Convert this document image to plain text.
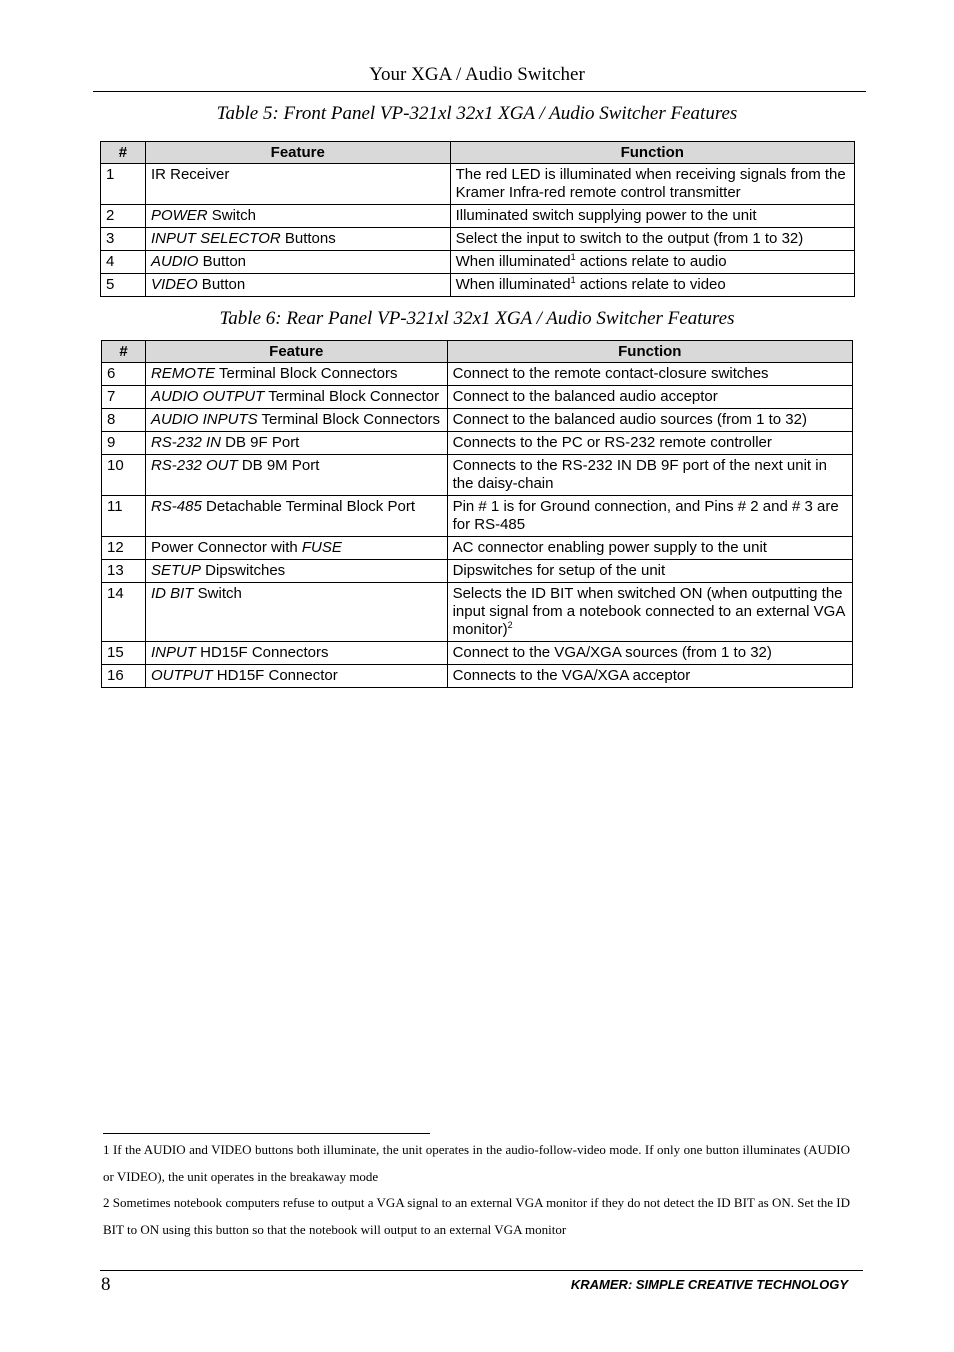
Your XGA / Audio Switcher
Table 5: Front Panel VP-321xl 32x1 XGA / Audio Switcher Features
#	Feature	Function
1	IR Receiver	The red LED is illuminated when receiving signals from the Kramer Infra-red remote control transmitter
2	POWER Switch	Illuminated switch supplying power to the unit
3	INPUT SELECTOR Buttons	Select the input to switch to the output (from 1 to 32)
4	AUDIO Button	When illuminated$^1$ actions relate to audio
5	VIDEO Button	When illuminated$^1$ actions relate to video
Table 6: Rear Panel VP-321xl 32x1 XGA / Audio Switcher Features
#	Feature	Function
6	REMOTE Terminal Block Connectors	Connect to the remote contact-closure switches
7	AUDIO OUTPUT Terminal Block Connector	Connect to the balanced audio acceptor
8	AUDIO INPUTS Terminal Block Connectors	Connect to the balanced audio sources (from 1 to 32)
9	RS-232 IN DB 9F Port	Connects to the PC or RS-232 remote controller
10	RS-232 OUT DB 9M Port	Connects to the RS-232 IN DB 9F port of the next unit in the daisy-chain
11	RS-485 Detachable Terminal Block Port	Pin # 1 is for Ground connection, and Pins # 2 and # 3 are for RS-485
12	Power Connector with FUSE	AC connector enabling power supply to the unit
13	SETUP Dipswitches	Dipswitches for setup of the unit
14	ID BIT Switch	Selects the ID BIT when switched ON (when outputting the input signal from a notebook connected to an external VGA monitor)$^2$
15	INPUT HD15F Connectors	Connect to the VGA/XGA sources (from 1 to 32)
16	OUTPUT HD15F Connector	Connects to the VGA/XGA acceptor

1 If the AUDIO and VIDEO buttons both illuminate, the unit operates in the audio-follow-video mode. If only one button illuminates (AUDIO or VIDEO), the unit operates in the breakaway mode

2 Sometimes notebook computers refuse to output a VGA signal to an external VGA monitor if they do not detect the ID BIT as ON. Set the ID BIT to ON using this button so that the notebook will output to an external VGA monitor

8	KRAMER: SIMPLE CREATIVE TECHNOLOGY
